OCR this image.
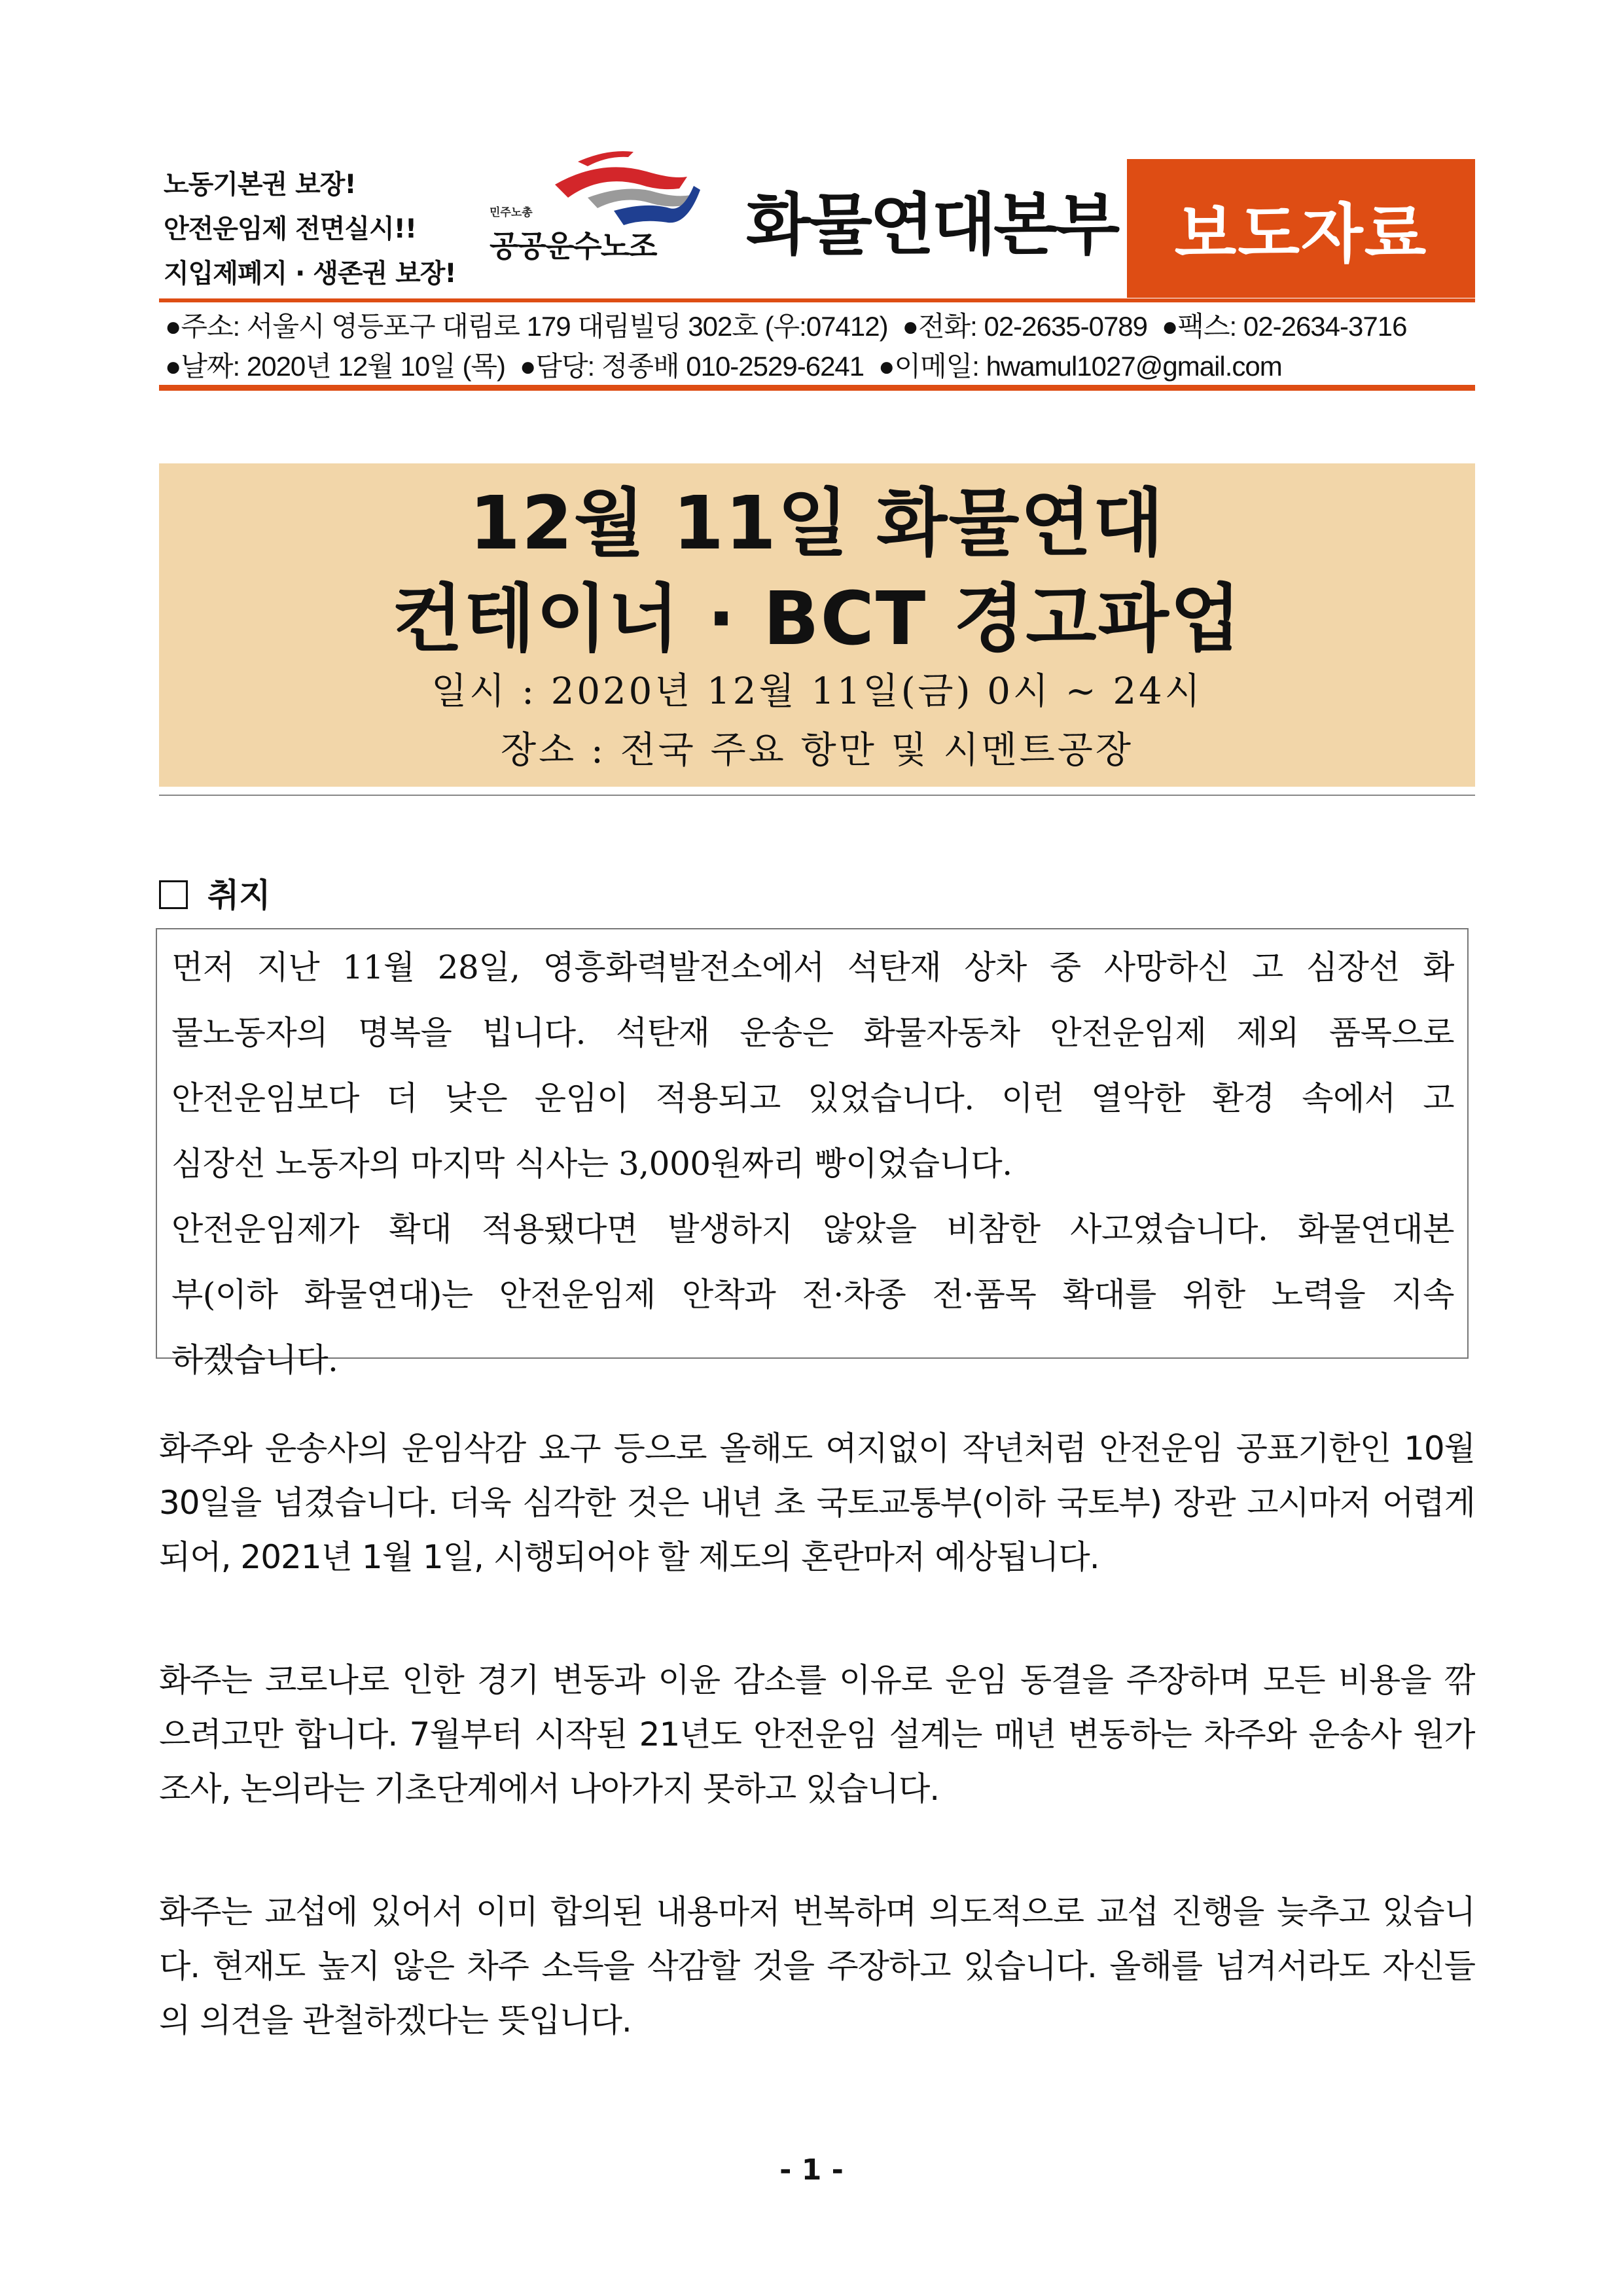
노동기본권 보장!
안전운임제 전면실시!!
지입제폐지 · 생존권 보장!
민주노총
공공운수노조 화물연대본부 보도자료
●주소: 서울시 영등포구 대림로 179 대림빌딩 302호 (우:07412) ●전화: 02-2635-0789 ●팩스: 02-2634-3716
●날짜: 2020년 12월 10일 (목) ●담당: 정종배 010-2529-6241 ●이메일: hwamul1027@gmail.com
12월 11일 화물연대
컨테이너 · BCT 경고파업
일시 : 2020년 12월 11일(금) 0시 ~ 24시
장소 : 전국 주요 항만 및 시멘트공장
취지
먼저 지난 11월 28일, 영흥화력발전소에서 석탄재 상차 중 사망하신 고 심장선 화
물노동자의 명복을 빕니다. 석탄재 운송은 화물자동차 안전운임제 제외 품목으로
안전운임보다 더 낮은 운임이 적용되고 있었습니다. 이런 열악한 환경 속에서 고
심장선 노동자의 마지막 식사는 3,000원짜리 빵이었습니다.
안전운임제가 확대 적용됐다면 발생하지 않았을 비참한 사고였습니다. 화물연대본
부(이하 화물연대)는 안전운임제 안착과 전·차종 전·품목 확대를 위한 노력을 지속
하겠습니다.
화주와 운송사의 운임삭감 요구 등으로 올해도 여지없이 작년처럼 안전운임 공표기한인 10월
30일을 넘겼습니다. 더욱 심각한 것은 내년 초 국토교통부(이하 국토부) 장관 고시마저 어렵게
되어, 2021년 1월 1일, 시행되어야 할 제도의 혼란마저 예상됩니다.
화주는 코로나로 인한 경기 변동과 이윤 감소를 이유로 운임 동결을 주장하며 모든 비용을 깎
으려고만 합니다. 7월부터 시작된 21년도 안전운임 설계는 매년 변동하는 차주와 운송사 원가
조사, 논의라는 기초단계에서 나아가지 못하고 있습니다.
화주는 교섭에 있어서 이미 합의된 내용마저 번복하며 의도적으로 교섭 진행을 늦추고 있습니
다. 현재도 높지 않은 차주 소득을 삭감할 것을 주장하고 있습니다. 올해를 넘겨서라도 자신들
의 의견을 관철하겠다는 뜻입니다.
- 1 -
